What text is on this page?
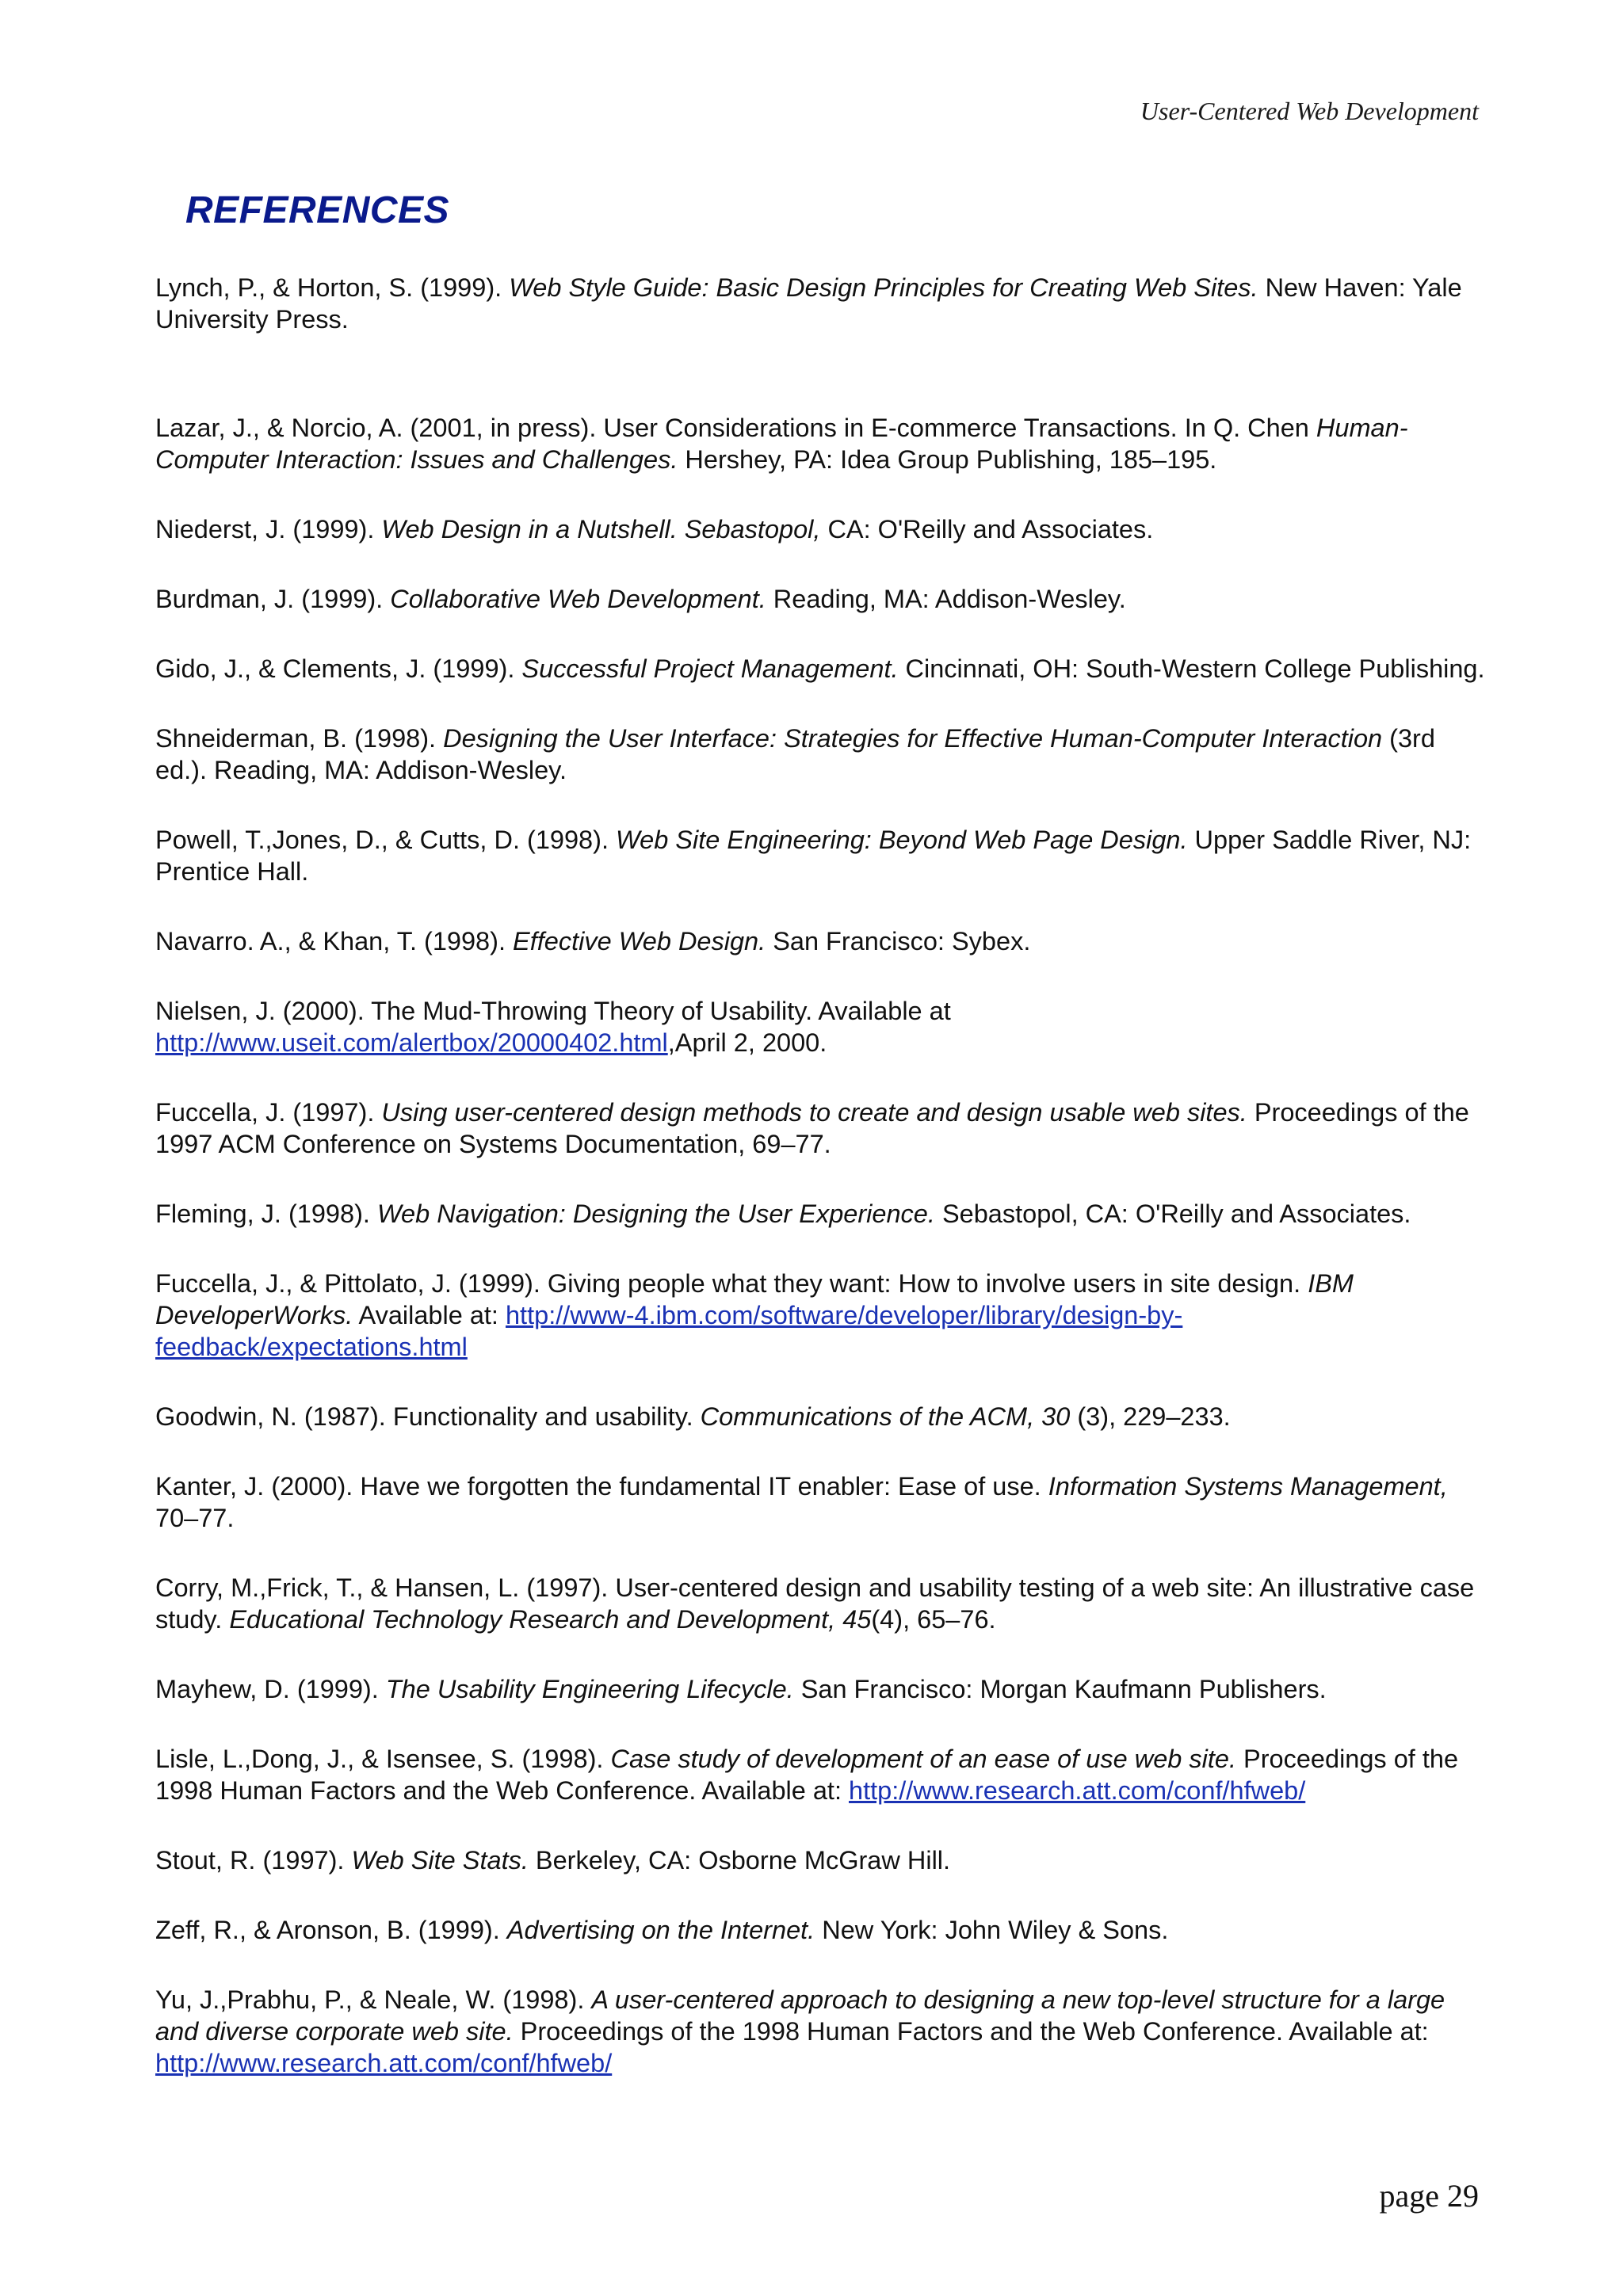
User-Centered Web Development
REFERENCES

Lynch, P., & Horton, S. (1999). Web Style Guide: Basic Design Principles for Creating Web Sites. New Haven: Yale University Press.

Lazar, J., & Norcio, A. (2001, in press). User Considerations in E-commerce Transactions. In Q. Chen Human-Computer Interaction: Issues and Challenges. Hershey, PA: Idea Group Publishing, 185–195.

Niederst, J. (1999). Web Design in a Nutshell. Sebastopol, CA: O'Reilly and Associates.

Burdman, J. (1999). Collaborative Web Development. Reading, MA: Addison-Wesley.

Gido, J., & Clements, J. (1999). Successful Project Management. Cincinnati, OH: South-Western College Publishing.

Shneiderman, B. (1998). Designing the User Interface: Strategies for Effective Human-Computer Interaction (3rd ed.). Reading, MA: Addison-Wesley.

Powell, T.,Jones, D., & Cutts, D. (1998). Web Site Engineering: Beyond Web Page Design. Upper Saddle River, NJ: Prentice Hall.

Navarro. A., & Khan, T. (1998). Effective Web Design. San Francisco: Sybex.

Nielsen, J. (2000). The Mud-Throwing Theory of Usability. Available at http://www.useit.com/alertbox/20000402.html,April 2, 2000.

Fuccella, J. (1997). Using user-centered design methods to create and design usable web sites. Proceedings of the 1997 ACM Conference on Systems Documentation, 69–77.

Fleming, J. (1998). Web Navigation: Designing the User Experience. Sebastopol, CA: O'Reilly and Associates.

Fuccella, J., & Pittolato, J. (1999). Giving people what they want: How to involve users in site design. IBM DeveloperWorks. Available at: http://www-4.ibm.com/software/developer/library/design-by-feedback/expectations.html

Goodwin, N. (1987). Functionality and usability. Communications of the ACM, 30 (3), 229–233.

Kanter, J. (2000). Have we forgotten the fundamental IT enabler: Ease of use. Information Systems Management, 70–77.

Corry, M.,Frick, T., & Hansen, L. (1997). User-centered design and usability testing of a web site: An illustrative case study. Educational Technology Research and Development, 45(4), 65–76.

Mayhew, D. (1999). The Usability Engineering Lifecycle. San Francisco: Morgan Kaufmann Publishers.

Lisle, L.,Dong, J., & Isensee, S. (1998). Case study of development of an ease of use web site. Proceedings of the 1998 Human Factors and the Web Conference. Available at: http://www.research.att.com/conf/hfweb/

Stout, R. (1997). Web Site Stats. Berkeley, CA: Osborne McGraw Hill.

Zeff, R., & Aronson, B. (1999). Advertising on the Internet. New York: John Wiley & Sons.

Yu, J.,Prabhu, P., & Neale, W. (1998). A user-centered approach to designing a new top-level structure for a large and diverse corporate web site. Proceedings of the 1998 Human Factors and the Web Conference. Available at: http://www.research.att.com/conf/hfweb/

page 29
